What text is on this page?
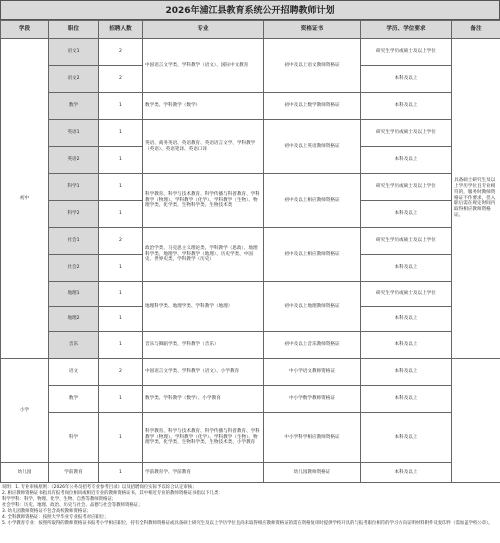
2026年浦江县教育系统公开招聘教师计划
学段	职位	招聘人数	专业	资格证书	学历、学位要求	备注
初中	语文1	2	中国语言文学类、学科教学（语文）、国际中文教育	初中及以上语文教师资格证	研究生学历或硕士及以上学位	具备硕士研究生及以上学历学位且专业相符的，服务时教师资格证不作要求，但入职后需在规定时间内取得相应教师资格证。
	语文2	2			本科及以上	
	数学	1	数学类、学科教学（数学）	初中及以上数学教师资格证	本科及以上	
	英语1	1	英语、商务英语、英语教育、英语语言文学、学科教学（英语）、英语笔译、英语口译	初中及以上英语教师资格证	研究生学历或硕士及以上学位	
	英语2	1			本科及以上	
	科学1	1	科学教育、科学与技术教育、科学传播与科普教育、学科教学（物理）、学科教学（化学）、学科教学（生物）、物理学类、化学类、生物科学类、生物技术类	初中及以上相应教师资格证	研究生学历或硕士及以上学位	
	科学2	1			本科及以上	
	社会1	2	政治学类、马克思主义理论类、学科教学（思政）、地理科学类、地理学、学科教学（地理）、历史学类、中国史、世界史类、学科教学（历史）	初中及以上相应教师资格证	研究生学历或硕士及以上学位	
	社会2	1			本科及以上	
	地理1	1	地理科学类、地理学类、学科教学（地理）	初中及以上地理教师资格证	研究生学历或硕士及以上学位	
	地理2	1			本科及以上	
	音乐	1	音乐与舞蹈学类、学科教学（音乐）	初中及以上音乐教师资格证	本科及以上	
小学	语文	2	中国语言文学类、学科教学（语文）、小学教育	中小学语文教师资格证	本科及以上	
	数学	1	数学类、学科教学（数学）、小学教育	中小学数学教师资格证	本科及以上	
	科学	1	科学教育、科学与技术教育、科学传播与科普教育、学科教学（物理）、学科教学（化学）、学科教学（生物）、物理学类、化学类、生物科学类、生物技术类、小学教育	中小学科学相应教师资格证	本科及以上	
幼儿园	学前教育	1	学前教育学、学前教育	幼儿园教师资格证	本科及以上	
说明：1. 专业审核原则：《2026年公务员招考专业参考目录》以及招聘岗位实际予以综合认定审核；
2. 相应教师资格证书指具有报考岗位相同或相近专业的教师资格证书，其中相近专业的教师资格证书指以下几类：
科学学科：科学、物理、化学、生物、自然等教师资格证；
社会学科：历史、地理、政治、历史与社会、品德与社会等教师资格证；
3. 幼儿园教师资格证不包含高校教师资格证；
4. 全科教师资格证：按照大学毕业专业报考对应职位；
5. 小学教育专业：按照所取得的教师资格证书报考小学相应职位，持有全科教师资格证或具备硕士研究生及以上学历学位且尚未取得相应教师资格证的需在资格复审时提供学校开具的与报考职位相符的学习方向证明材料附件及复印件（需加盖学校公章）。
